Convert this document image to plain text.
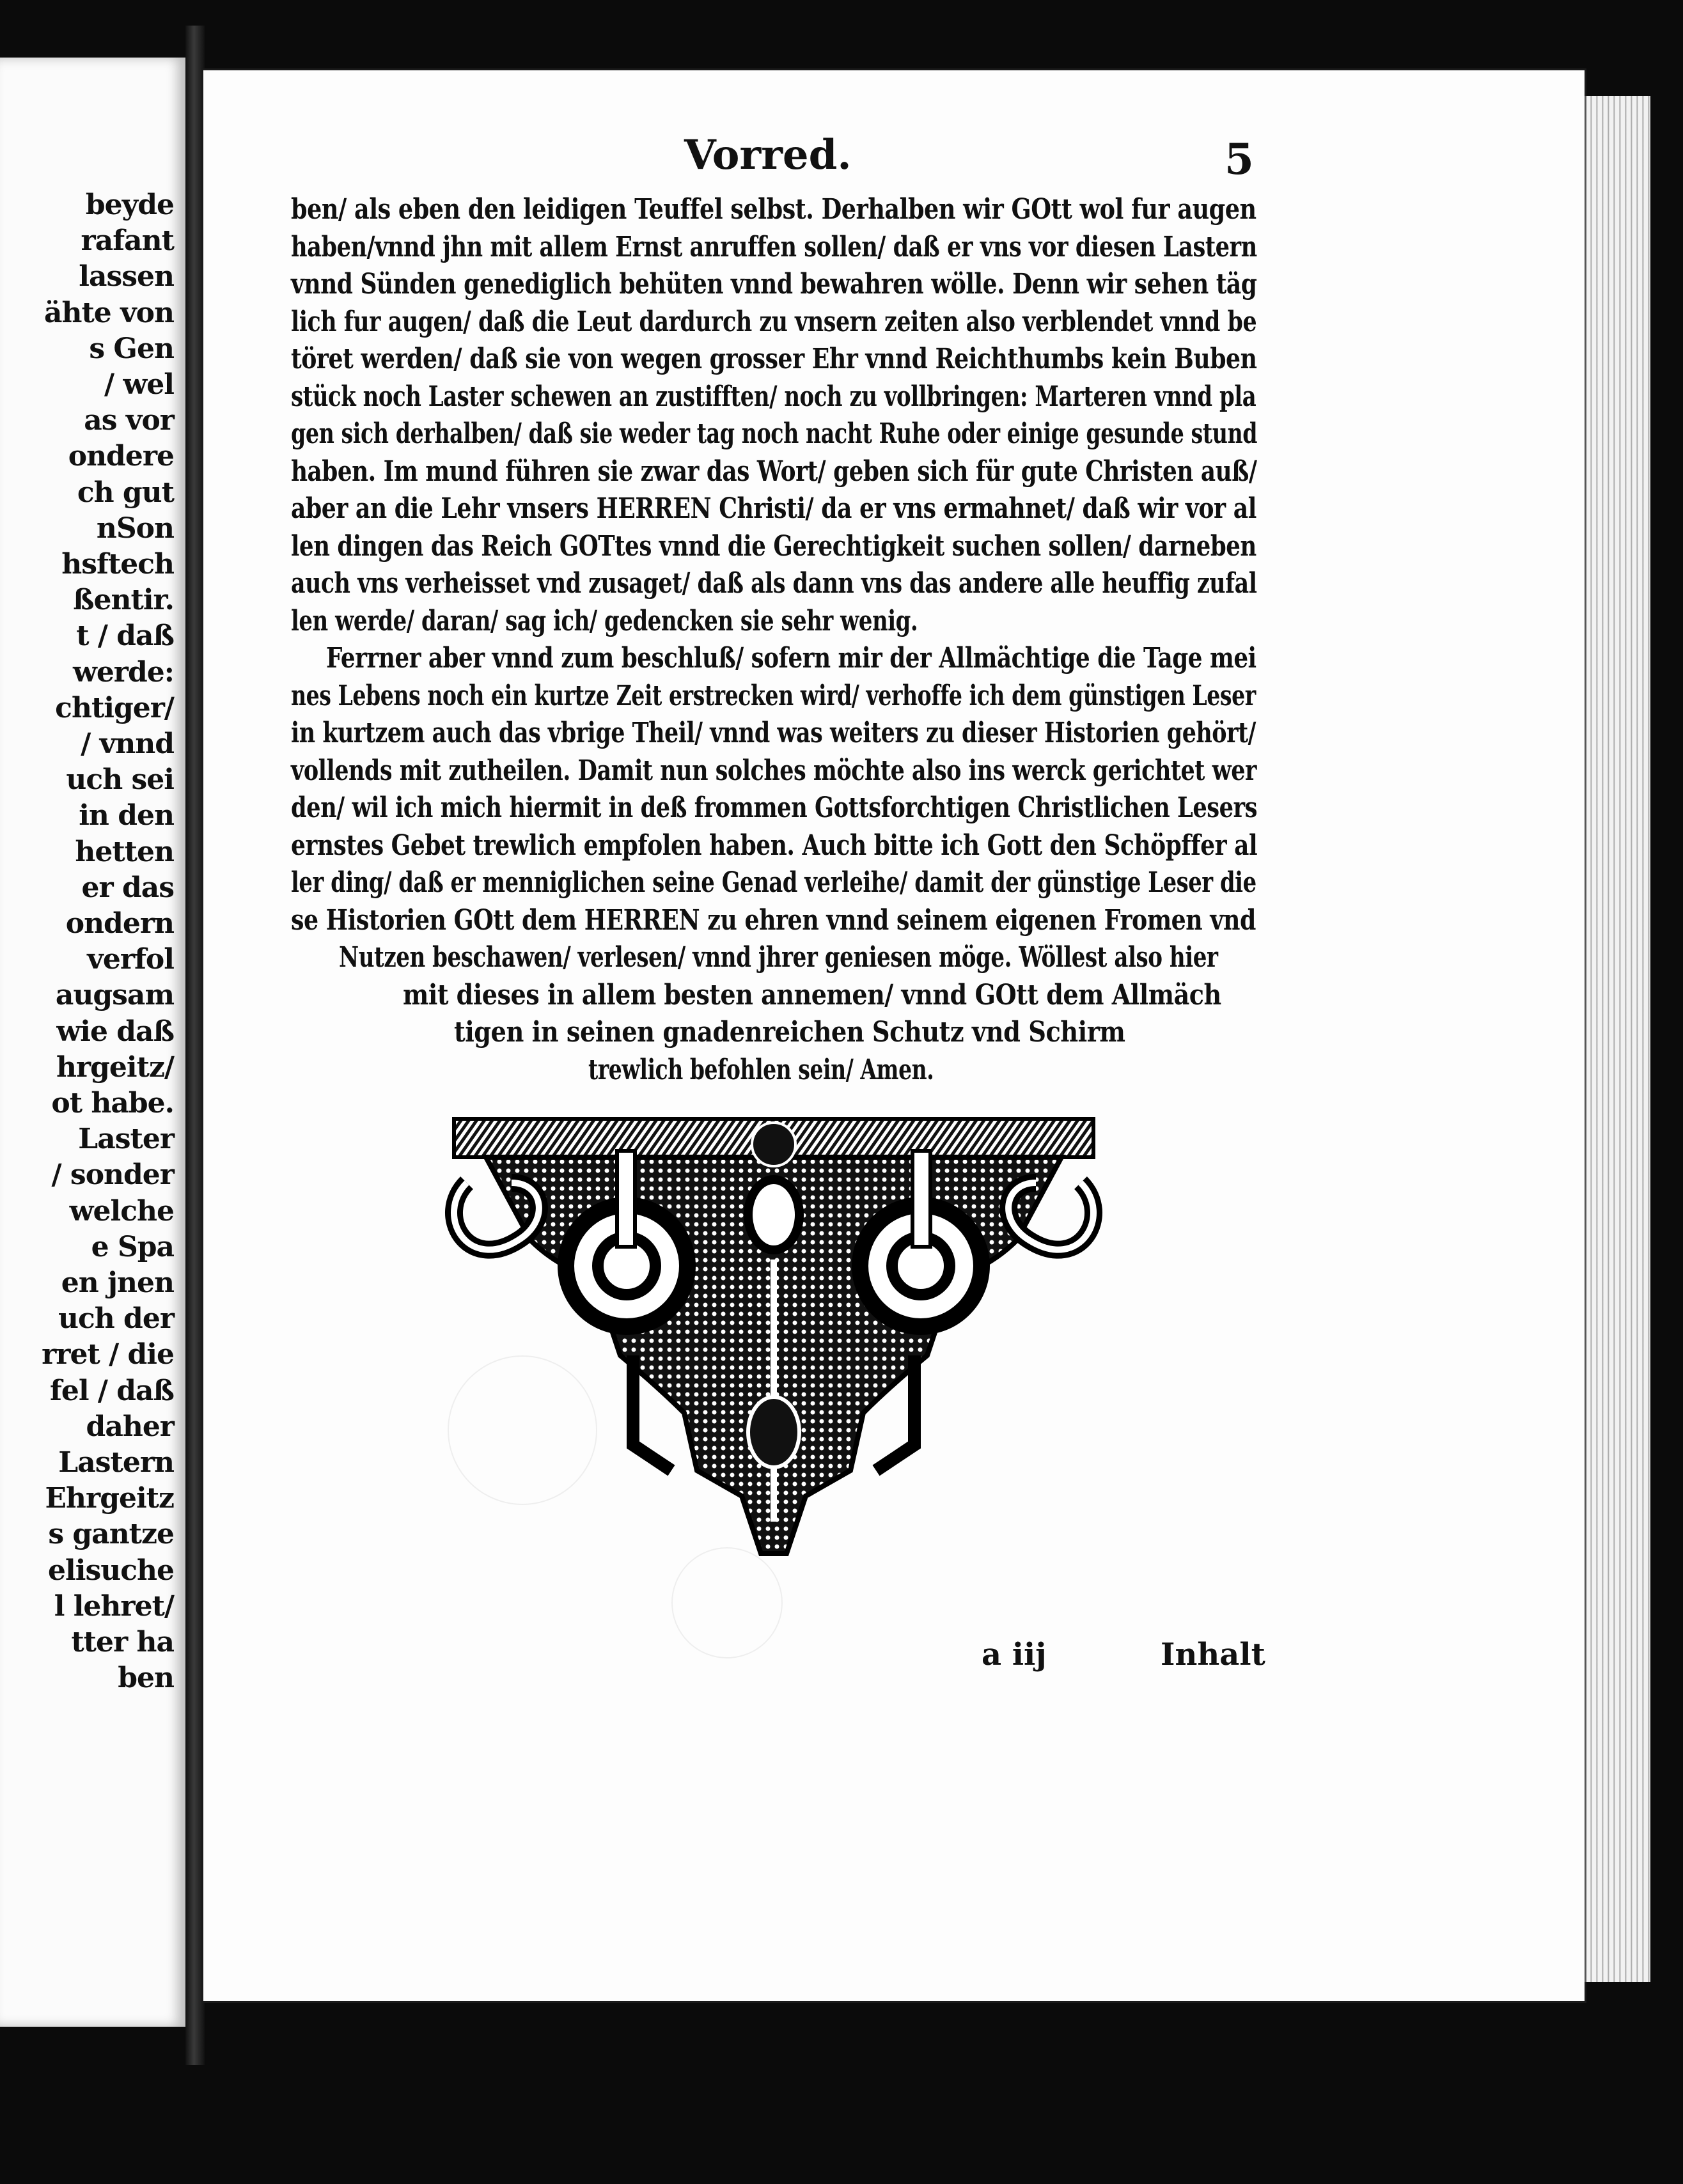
beyde
rafant
lassen
ähte von
s Gen
/ wel
as vor
ondere
ch gut
nSon
hsftech
ßentir.
t / daß
werde:
chtiger/
/ vnnd
uch sei
in den
hetten
er das
ondern
verfol
augsam
wie daß
hrgeitz/
ot habe.
Laster
/ sonder
welche
e Spa
en jnen
uch der
rret / die
fel / daß
daher
Lastern
Ehrgeitz
s gantze
elisuche
l lehret/
tter ha
ben
Vorred.	5
ben/ als eben den leidigen Teuffel selbst. Derhalben wir GOtt wol fur augen
haben/vnnd jhn mit allem Ernst anruffen sollen/ daß er vns vor diesen Lastern
vnnd Sünden genediglich behüten vnnd bewahren wölle. Denn wir sehen täg
lich fur augen/ daß die Leut dardurch zu vnsern zeiten also verblendet vnnd be
töret werden/ daß sie von wegen grosser Ehr vnnd Reichthumbs kein Buben
stück noch Laster schewen an zustifften/ noch zu vollbringen: Marteren vnnd pla
gen sich derhalben/ daß sie weder tag noch nacht Ruhe oder einige gesunde stund
haben. Im mund führen sie zwar das Wort/ geben sich für gute Christen auß/
aber an die Lehr vnsers HERREN Christi/ da er vns ermahnet/ daß wir vor al
len dingen das Reich GOTtes vnnd die Gerechtigkeit suchen sollen/ darneben
auch vns verheisset vnd zusaget/ daß als dann vns das andere alle heuffig zufal
len werde/ daran/ sag ich/ gedencken sie sehr wenig.
Ferrner aber vnnd zum beschluß/ sofern mir der Allmächtige die Tage mei
nes Lebens noch ein kurtze Zeit erstrecken wird/ verhoffe ich dem günstigen Leser
in kurtzem auch das vbrige Theil/ vnnd was weiters zu dieser Historien gehört/
vollends mit zutheilen. Damit nun solches möchte also ins werck gerichtet wer
den/ wil ich mich hiermit in deß frommen Gottsforchtigen Christlichen Lesers
ernstes Gebet trewlich empfolen haben. Auch bitte ich Gott den Schöpffer al
ler ding/ daß er menniglichen seine Genad verleihe/ damit der günstige Leser die
se Historien GOtt dem HERREN zu ehren vnnd seinem eigenen Fromen vnd
Nutzen beschawen/ verlesen/ vnnd jhrer geniesen möge. Wöllest also hier
mit dieses in allem besten annemen/ vnnd GOtt dem Allmäch
tigen in seinen gnadenreichen Schutz vnd Schirm
trewlich befohlen sein/ Amen.
a iij	Inhalt
